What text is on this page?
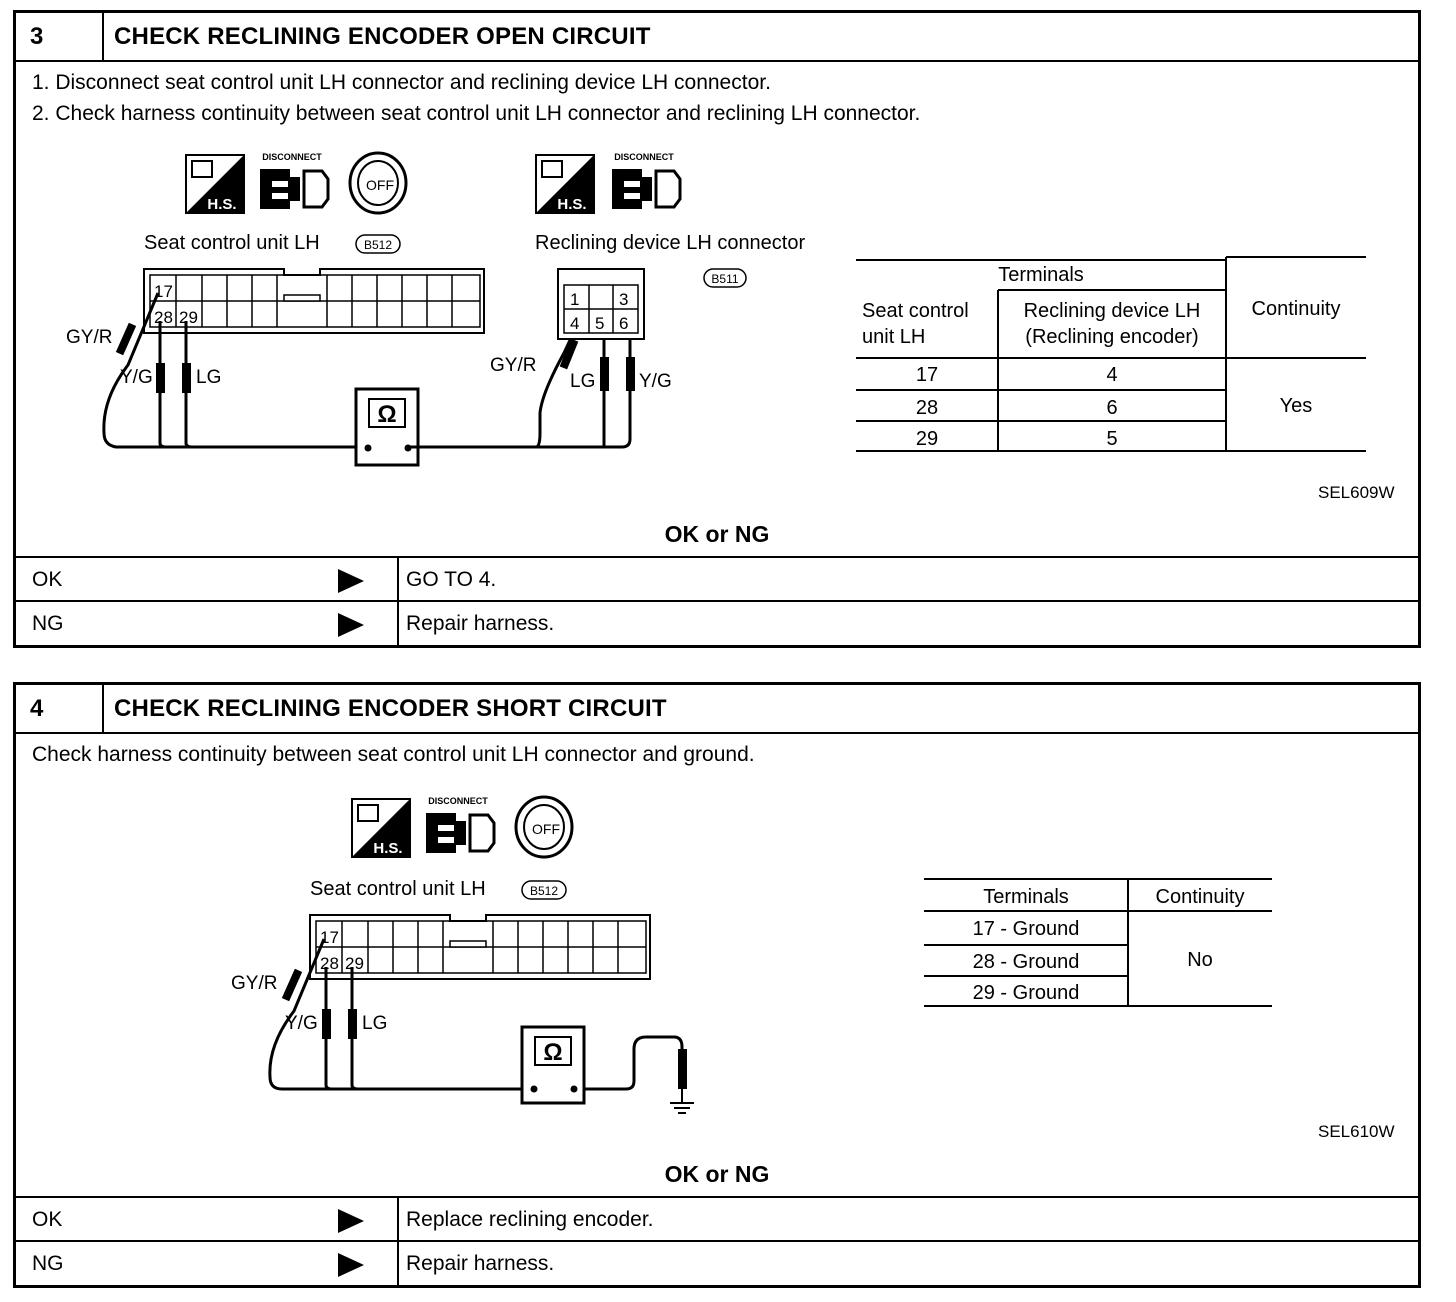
3	CHECK RECLINING ENCODER OPEN CIRCUIT
1. Disconnect seat control unit LH connector and reclining device LH connector.
2. Check harness continuity between seat control unit LH connector and reclining LH connector.
H.S.
DISCONNECT
OFF
H.S.
DISCONNECT
Seat control unit LH	B512
17
28 29
GY/R
Y/G LG
Ω
Reclining device LH connector
B511
1 3
4 5 6
GY/R
LG Y/G
Terminals
Seat control
unit LH
Reclining device LH
(Reclining encoder)
Continuity
17	4
28	6
29	5
Yes
SEL609W
OK or NG
OK	GO TO 4.
NG	Repair harness.
4	CHECK RECLINING ENCODER SHORT CIRCUIT
Check harness continuity between seat control unit LH connector and ground.
H.S.
DISCONNECT
OFF
Seat control unit LH	B512
17
28 29
GY/R
Y/G LG
Ω
Terminals	Continuity
17 - Ground
28 - Ground
29 - Ground
No
SEL610W
OK or NG
OK	Replace reclining encoder.
NG	Repair harness.
